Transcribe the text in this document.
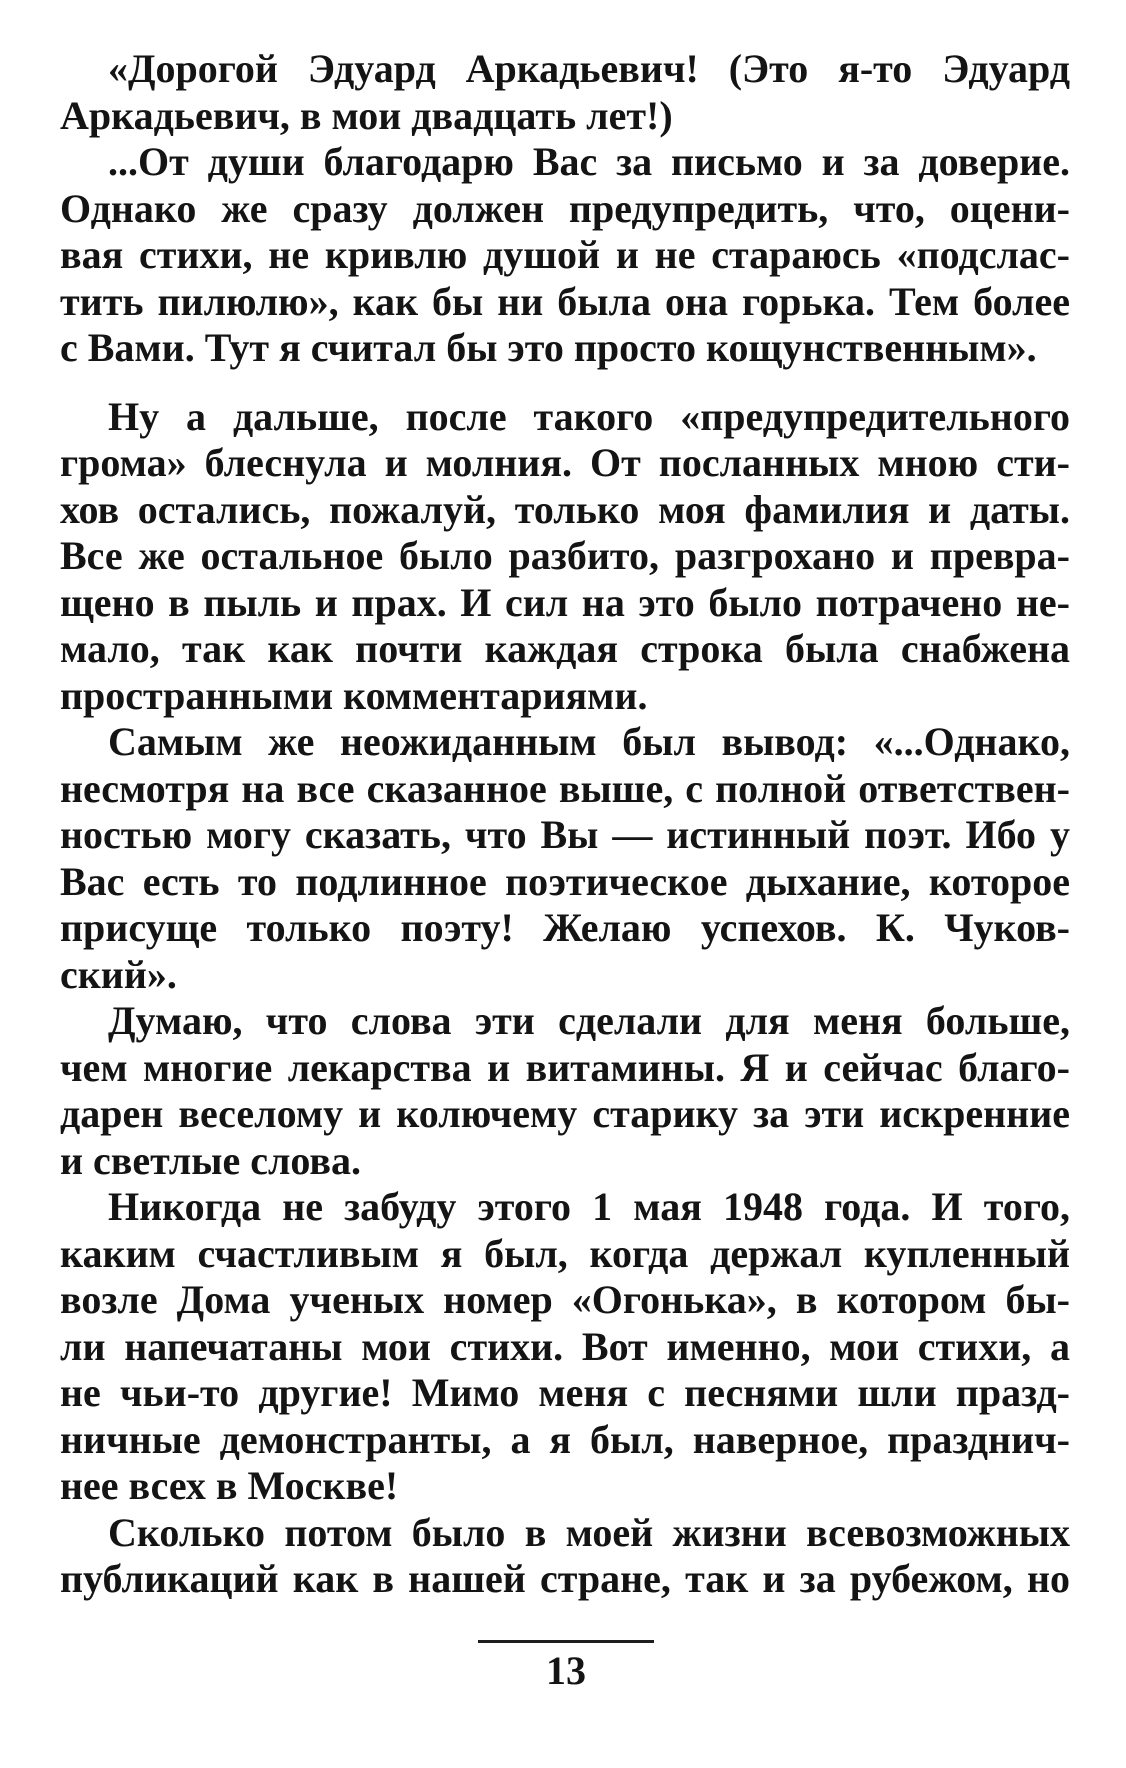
«Дорогой Эдуард Аркадьевич! (Это я-то Эдуард
Аркадьевич, в мои двадцать лет!)
...От души благодарю Вас за письмо и за доверие.
Однако же сразу должен предупредить, что, оцени-
вая стихи, не кривлю душой и не стараюсь «подслас-
тить пилюлю», как бы ни была она горька. Тем более
с Вами. Тут я считал бы это просто кощунственным».
Ну а дальше, после такого «предупредительного
грома» блеснула и молния. От посланных мною сти-
хов остались, пожалуй, только моя фамилия и даты.
Все же остальное было разбито, разгрохано и превра-
щено в пыль и прах. И сил на это было потрачено не-
мало, так как почти каждая строка была снабжена
пространными комментариями.
Самым же неожиданным был вывод: «...Однако,
несмотря на все сказанное выше, с полной ответствен-
ностью могу сказать, что Вы — истинный поэт. Ибо у
Вас есть то подлинное поэтическое дыхание, которое
присуще только поэту! Желаю успехов. К. Чуков-
ский».
Думаю, что слова эти сделали для меня больше,
чем многие лекарства и витамины. Я и сейчас благо-
дарен веселому и колючему старику за эти искренние
и светлые слова.
Никогда не забуду этого 1 мая 1948 года. И того,
каким счастливым я был, когда держал купленный
возле Дома ученых номер «Огонька», в котором бы-
ли напечатаны мои стихи. Вот именно, мои стихи, а
не чьи-то другие! Мимо меня с песнями шли празд-
ничные демонстранты, а я был, наверное, празднич-
нее всех в Москве!
Сколько потом было в моей жизни всевозможных
публикаций как в нашей стране, так и за рубежом, но
13
